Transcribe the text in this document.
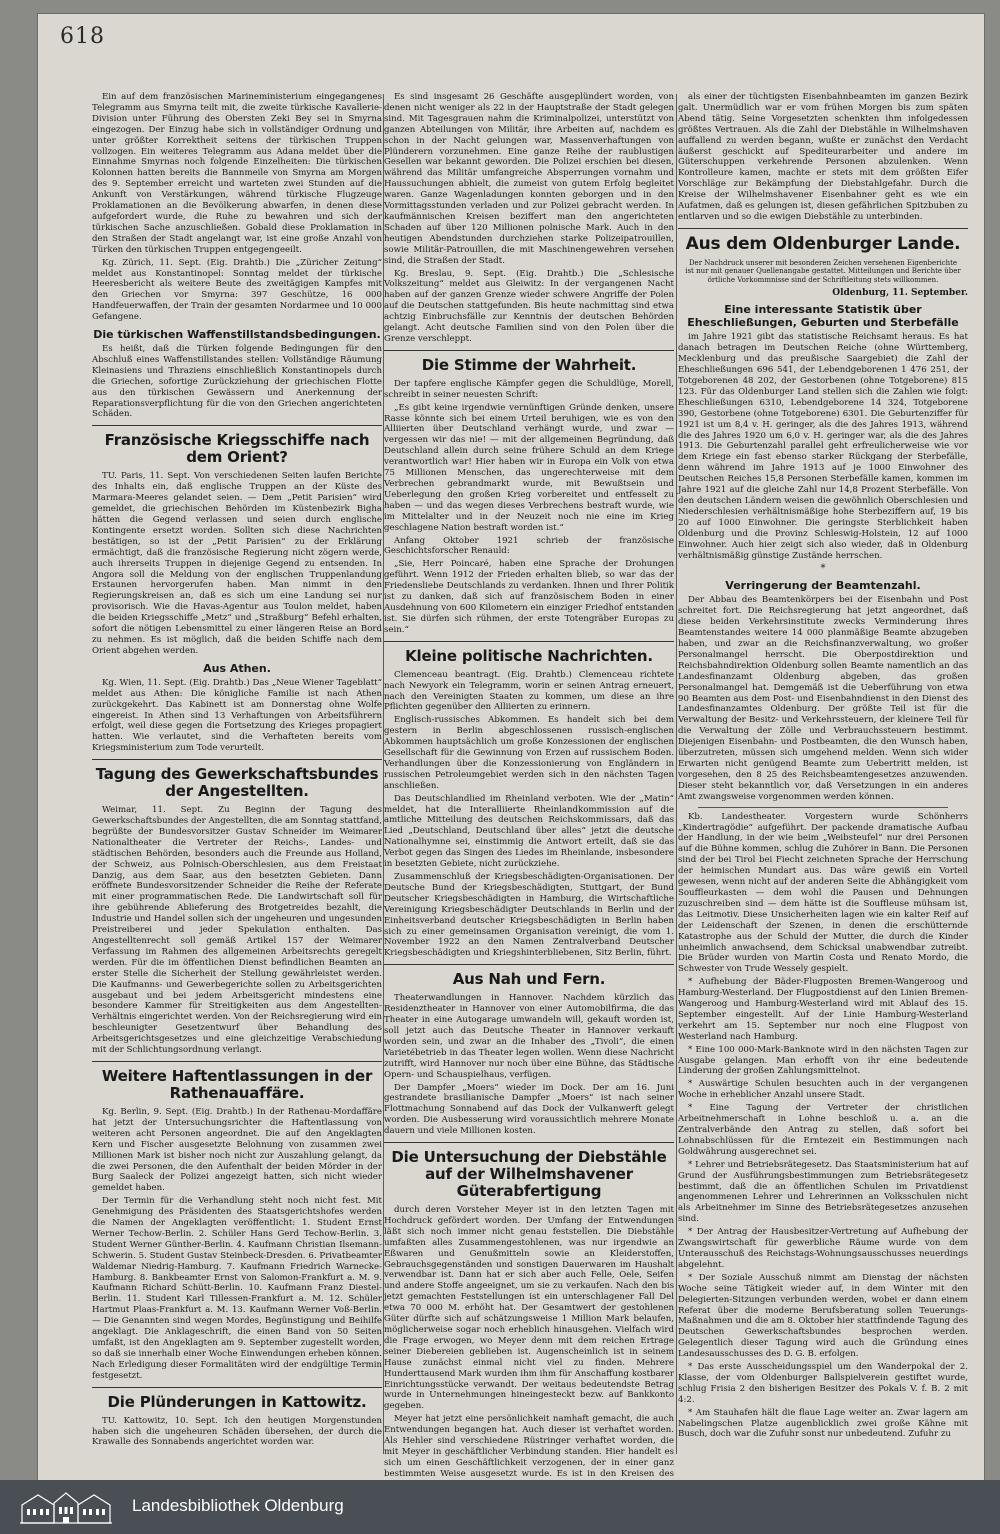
618

Ein auf dem französischen Marineministerium eingegangenes Telegramm aus Smyrna teilt mit, die zweite türkische Kavallerie-Division unter Führung des Obersten Zeki Bey sei in Smyrna eingezogen. Der Einzug habe sich in vollständiger Ordnung und unter größter Korrektheit seitens der türkischen Truppen vollzogen. Ein weiteres Telegramm aus Adana meldet über die Einnahme Smyrnas noch folgende Einzelheiten: Die türkischen Kolonnen hatten bereits die Bannmeile von Smyrna am Morgen des 9. September erreicht und warteten zwei Stunden auf die Ankunft von Verstärkungen, während türkische Flugzeuge Proklamationen an die Bevölkerung abwarfen, in denen diese aufgefordert wurde, die Ruhe zu bewahren und sich der türkischen Sache anzuschließen. Gobald diese Proklamation in den Straßen der Stadt angelangt war, ist eine große Anzahl von Türken den türkischen Truppen entgegengeeilt.

Kg. Zürich, 11. Sept. (Eig. Drahtb.) Die „Züricher Zeitung“ meldet aus Konstantinopel: Sonntag meldet der türkische Heeresbericht als weitere Beute des zweitägigen Kampfes mit den Griechen vor Smyrna: 397 Geschütze, 16 000 Handfeuerwaffen, der Train der gesamten Nordarmee und 10 000 Gefangene.

Die türkischen Waffenstillstandsbedingungen.

Es heißt, daß die Türken folgende Bedingungen für den Abschluß eines Waffenstillstandes stellen: Vollständige Räumung Kleinasiens und Thraziens einschließlich Konstantinopels durch die Griechen, sofortige Zurückziehung der griechischen Flotte aus den türkischen Gewässern und Anerkennung der Reparationsverpflichtung für die von den Griechen angerichteten Schäden.

Französische Kriegsschiffe nach dem Orient?

TU. Paris, 11. Sept. Von verschiedenen Seiten laufen Berichte des Inhalts ein, daß englische Truppen an der Küste des Marmara-Meeres gelandet seien. — Dem „Petit Parisien“ wird gemeldet, die griechischen Behörden im Küstenbezirk Bigha hätten die Gegend verlassen und seien durch englische Kontingente ersetzt worden. Sollten sich diese Nachrichten bestätigen, so ist der „Petit Parisien“ zu der Erklärung ermächtigt, daß die französische Regierung nicht zögern werde, auch ihrerseits Truppen in diejenige Gegend zu entsenden. In Angora soll die Meldung von der englischen Truppenlandung Erstaunen hervorgerufen haben. Man nimmt in den Regierungskreisen an, daß es sich um eine Landung sei nur provisorisch. Wie die Havas-Agentur aus Toulon meldet, haben die beiden Kriegsschiffe „Metz“ und „Straßburg“ Befehl erhalten, sofort die nötigen Lebensmittel zu einer längeren Reise an Bord zu nehmen. Es ist möglich, daß die beiden Schiffe nach dem Orient abgehen werden.

Aus Athen.

Kg. Wien, 11. Sept. (Eig. Drahtb.) Das „Neue Wiener Tageblatt“ meldet aus Athen: Die königliche Familie ist nach Athen zurückgekehrt. Das Kabinett ist am Donnerstag ohne Wolfe eingereist. In Athen sind 13 Verhaftungen von Arbeitsführern erfolgt, weil diese gegen die Fortsetzung des Krieges propagiert hatten. Wie verlautet, sind die Verhafteten bereits vom Kriegsministerium zum Tode verurteilt.

Tagung des Gewerkschaftsbundes der Angestellten.

Weimar, 11. Sept. Zu Beginn der Tagung des Gewerkschaftsbundes der Angestellten, die am Sonntag stattfand, begrüßte der Bundesvorsitzer Gustav Schneider im Weimarer Nationaltheater die Vertreter der Reichs-, Landes- und städtischen Behörden, besonders auch die Freunde aus Holland, der Schweiz, aus Polnisch-Oberschlesien, aus dem Freistaat Danzig, aus dem Saar, aus den besetzten Gebieten. Dann eröffnete Bundesvorsitzender Schneider die Reihe der Referate mit einer programmatischen Rede. Die Landwirtschaft soll für ihre gebührende Ablieferung des Brotgetreides bezahlt, die Industrie und Handel sollen sich der ungeheuren und ungesunden Preistreiberei und jeder Spekulation enthalten. Das Angestelltenrecht soll gemäß Artikel 157 der Weimarer Verfassung im Rahmen des allgemeinen Arbeitsrechts geregelt werden. Für die im öffentlichen Dienst befindlichen Beamten an erster Stelle die Sicherheit der Stellung gewährleistet werden. Die Kaufmanns- und Gewerbegerichte sollen zu Arbeitsgerichten ausgebaut und bei jedem Arbeitsgericht mindestens eine besondere Kammer für Streitigkeiten aus dem Angestellten-Verhältnis eingerichtet werden. Von der Reichsregierung wird ein beschleunigter Gesetzentwurf über Behandlung des Arbeitsgerichtsgesetzes und eine gleichzeitige Verabschiedung mit der Schlichtungsordnung verlangt.

Weitere Haftentlassungen in der Rathenauaffäre.

Kg. Berlin, 9. Sept. (Eig. Drahtb.) In der Rathenau-Mordaffäre hat jetzt der Untersuchungsrichter die Haftentlassung von weiteren acht Personen angeordnet. Die auf den Angeklagten Kern und Fischer ausgesetzte Belohnung von zusammen zwei Millionen Mark ist bisher noch nicht zur Auszahlung gelangt, da die zwei Personen, die den Aufenthalt der beiden Mörder in der Burg Saaleck der Polizei angezeigt hatten, sich nicht wieder gemeldet haben.

Der Termin für die Verhandlung steht noch nicht fest. Mit Genehmigung des Präsidenten des Staatsgerichtshofes werden die Namen der Angeklagten veröffentlicht: 1. Student Ernst Werner Techow-Berlin. 2. Schüler Hans Gerd Techow-Berlin. 3. Student Werner Günther-Berlin. 4. Kaufmann Christian Ilsemann-Schwerin. 5. Student Gustav Steinbeck-Dresden. 6. Privatbeamter Waldemar Niedrig-Hamburg. 7. Kaufmann Friedrich Warnecke-Hamburg. 8. Bankbeamter Ernst von Salomon-Frankfurt a. M. 9. Kaufmann Richard Schütt-Berlin. 10. Kaufmann Franz Diestel-Berlin. 11. Student Karl Tillessen-Frankfurt a. M. 12. Schüler Hartmut Plaas-Frankfurt a. M. 13. Kaufmann Werner Voß-Berlin. — Die Genannten sind wegen Mordes, Begünstigung und Beihilfe angeklagt. Die Anklageschrift, die einen Band von 50 Seiten umfaßt, ist den Angeklagten am 9. September zugestellt worden, so daß sie innerhalb einer Woche Einwendungen erheben können. Nach Erledigung dieser Formalitäten wird der endgültige Termin festgesetzt.

Die Plünderungen in Kattowitz.

TU. Kattowitz, 10. Sept. Ich den heutigen Morgenstunden haben sich die ungeheuren Schäden übersehen, der durch die Krawalle des Sonnabends angerichtet worden war.

Es sind insgesamt 26 Geschäfte ausgeplündert worden, von denen nicht weniger als 22 in der Hauptstraße der Stadt gelegen sind. Mit Tagesgrauen nahm die Kriminalpolizei, unterstützt von ganzen Abteilungen von Militär, ihre Arbeiten auf, nachdem es schon in der Nacht gelungen war, Massenverhaftungen von Plünderern vorzunehmen. Eine ganze Reihe der raublustigen Gesellen war bekannt geworden. Die Polizei erschien bei diesen, während das Militär umfangreiche Absperrungen vornahm und Haussuchungen abhielt, die zumeist von gutem Erfolg begleitet waren. Ganze Wagenladungen konnten geborgen und in den Vormittagsstunden verladen und zur Polizei gebracht werden. In kaufmännischen Kreisen beziffert man den angerichteten Schaden auf über 120 Millionen polnische Mark. Auch in den heutigen Abendstunden durchziehen starke Polizeipatrouillen, sowie Militär-Patrouillen, die mit Maschinengewehren versehen sind, die Straßen der Stadt.

Kg. Breslau, 9. Sept. (Eig. Drahtb.) Die „Schlesische Volkszeitung“ meldet aus Gleiwitz: In der vergangenen Nacht haben auf der ganzen Grenze wieder schwere Angriffe der Polen auf die Deutschen stattgefunden. Bis heute nachmittag sind etwa achtzig Einbruchsfälle zur Kenntnis der deutschen Behörden gelangt. Acht deutsche Familien sind von den Polen über die Grenze verschleppt.

Die Stimme der Wahrheit.

Der tapfere englische Kämpfer gegen die Schuldlüge, Morell, schreibt in seiner neuesten Schrift:

„Es gibt keine irgendwie vernünftigen Gründe denken, unsere Rasse könnte sich bei einem Urteil beruhigen, wie es von den Alliierten über Deutschland verhängt wurde, und zwar — vergessen wir das nie! — mit der allgemeinen Begründung, daß Deutschland allein durch seine frühere Schuld an dem Kriege verantwortlich war! Hier haben wir in Europa ein Volk von etwa 75 Millionen Menschen, das ungerechterweise mit dem Verbrechen gebrandmarkt wurde, mit Bewußtsein und Ueberlegung den großen Krieg vorbereitet und entfesselt zu haben — und das wegen dieses Verbrechens bestraft wurde, wie im Mittelalter und in der Neuzeit noch nie eine im Krieg geschlagene Nation bestraft worden ist.“

Anfang Oktober 1921 schrieb der französische Geschichtsforscher Renauld:

„Sie, Herr Poincaré, haben eine Sprache der Drohungen geführt. Wenn 1912 der Frieden erhalten blieb, so war das der Friedensliebe Deutschlands zu verdanken. Ihnen und Ihrer Politik ist zu danken, daß sich auf französischem Boden in einer Ausdehnung von 600 Kilometern ein einziger Friedhof entstanden ist. Sie dürfen sich rühmen, der erste Totengräber Europas zu sein.“

Kleine politische Nachrichten.

Clemenceau beantragt. (Eig. Drahtb.) Clemenceau richtete nach Newyork ein Telegramm, worin er seinen Antrag erneuert, nach den Vereinigten Staaten zu kommen, um diese an ihre Pflichten gegenüber den Alliierten zu erinnern.

Englisch-russisches Abkommen. Es handelt sich bei dem gestern in Berlin abgeschlossenen russisch-englischen Abkommen hauptsächlich um große Konzessionen der englischen Gesellschaft für die Gewinnung von Erzen auf russischem Boden. Verhandlungen über die Konzessionierung von Engländern in russischen Petroleumgebiet werden sich in den nächsten Tagen anschließen.

Das Deutschlandlied im Rheinland verboten. Wie der „Matin“ meldet, hat die Interalliierte Rheinlandkommission auf die amtliche Mitteilung des deutschen Reichskommissars, daß das Lied „Deutschland, Deutschland über alles“ jetzt die deutsche Nationalhymne sei, einstimmig die Antwort erteilt, daß sie das Verbot gegen das Singen des Liedes im Rheinlande, insbesondere in besetzten Gebiete, nicht zurückziehe.

Zusammenschluß der Kriegsbeschädigten-Organisationen. Der Deutsche Bund der Kriegsbeschädigten, Stuttgart, der Bund Deutscher Kriegsbeschädigten in Hamburg, die Wirtschaftliche Vereinigung Kriegsbeschädigter Deutschlands in Berlin und der Einheitsverband deutscher Kriegsbeschädigten in Berlin haben sich zu einer gemeinsamen Organisation vereinigt, die vom 1. November 1922 an den Namen Zentralverband Deutscher Kriegsbeschädigten und Kriegshinterbliebenen, Sitz Berlin, führt.

Aus Nah und Fern.

Theaterwandlungen in Hannover. Nachdem kürzlich das Residenztheater in Hannover von einer Automobilfirma, die das Theater in eine Autogarage umwandeln will, gekauft worden ist, soll jetzt auch das Deutsche Theater in Hannover verkauft worden sein, und zwar an die Inhaber des „Tivoli“, die einen Varietébetrieb in das Theater legen wollen. Wenn diese Nachricht zutrifft, wird Hannover nur noch über eine Bühne, das Städtische Opern- und Schauspielhaus, verfügen.

Der Dampfer „Moers“ wieder im Dock. Der am 16. Juni gestrandete brasilianische Dampfer „Moers“ ist nach seiner Flottmachung Sonnabend auf das Dock der Vulkanwerft gelegt worden. Die Ausbesserung wird voraussichtlich mehrere Monate dauern und viele Millionen kosten.

Die Untersuchung der Diebstähle auf der Wilhelmshavener Güterabfertigung

durch deren Vorsteher Meyer ist in den letzten Tagen mit Hochdruck gefördert worden. Der Umfang der Entwendungen läßt sich noch immer nicht genau feststellen. Die Diebstähle umfaßten alles Zusammengestohlenen, was nur irgendwie an Eßwaren und Genußmitteln sowie an Kleiderstoffen, Gebrauchsgegenständen und sonstigen Dauerwaren im Haushalt verwendbar ist. Dann hat er sich aber auch Felle, Oele, Seifen und andere Stoffe angeeignet, um sie zu verkaufen. Nach den bis jetzt gemachten Feststellungen ist ein unterschlagener Fall Del etwa 70 000 M. erhöht hat. Der Gesamtwert der gestohlenen Güter dürfte sich auf schätzungsweise 1 Million Mark belaufen, möglicherweise sogar noch erheblich hinausgehen. Vielfach wird die Frage erwogen, wo Meyer denn mit dem reichen Ertrage seiner Diebereien geblieben ist. Augenscheinlich ist in seinem Hause zunächst einmal nicht viel zu finden. Mehrere Hunderttausend Mark wurden ihm ihm für Anschaffung kostbarer Einrichtungsstücke verwandt. Der weitaus bedeutendste Betrag wurde in Unternehmungen hineingesteckt bezw. auf Bankkonto gegeben.

Meyer hat jetzt eine persönlichkeit namhaft gemacht, die auch Entwendungen begangen hat. Auch dieser ist verhaftet worden. Als Hehler sind verschiedene Rüstringer verhaftet worden, die mit Meyer in geschäftlicher Verbindung standen. Hier handelt es sich um einen Geschäftlichkeit verzogenen, der in einer ganz bestimmten Weise ausgesetzt wurde. Es ist in den Kreisen des

als einer der tüchtigsten Eisenbahnbeamten im ganzen Bezirk galt. Unermüdlich war er vom frühen Morgen bis zum späten Abend tätig. Seine Vorgesetzten schenkten ihm infolgedessen größtes Vertrauen. Als die Zahl der Diebstähle in Wilhelmshaven auffallend zu werden begann, wußte er zunächst den Verdacht äußerst geschickt auf Spediteurarbeiter und andere im Güterschuppen verkehrende Personen abzulenken. Wenn Kontrolleure kamen, machte er stets mit dem größten Eifer Vorschläge zur Bekämpfung der Diebstahlgefahr. Durch die Kreise der Wilhelmshavener Eisenbahner geht es wie ein Aufatmen, daß es gelungen ist, diesen gefährlichen Spitzbuben zu entlarven und so die ewigen Diebstähle zu unterbinden.

Aus dem Oldenburger Lande.
Der Nachdruck unserer mit besonderen Zeichen versehenen Eigenberichte ist nur mit genauer Quellenangabe gestattet. Mitteilungen und Berichte über örtliche Vorkommnisse sind der Schriftleitung stets willkommen.
Oldenburg, 11. September.
Eine interessante Statistik über Eheschließungen, Geburten und Sterbefälle

im Jahre 1921 gibt das statistische Reichsamt heraus. Es hat danach betragen im Deutschen Reiche (ohne Württemberg, Mecklenburg und das preußische Saargebiet) die Zahl der Eheschließungen 696 541, der Lebendgeborenen 1 476 251, der Totgeborenen 48 202, der Gestorbenen (ohne Totgeborene) 815 123. Für das Oldenburger Land stellen sich die Zahlen wie folgt: Eheschließungen 6310, Lebendgeborene 14 324, Totgeborene 390, Gestorbene (ohne Totgeborene) 6301. Die Geburtenziffer für 1921 ist um 8,4 v. H. geringer, als die des Jahres 1913, während die des Jahres 1920 um 6,0 v. H. geringer war, als die des Jahres 1913. Die Geburtenzahl parallel geht erfreulicherweise wie vor dem Kriege ein fast ebenso starker Rückgang der Sterbefälle, denn während im Jahre 1913 auf je 1000 Einwohner des Deutschen Reiches 15,8 Personen Sterbefälle kamen, kommen im Jahre 1921 auf die gleiche Zahl nur 14,8 Prozent Sterbefälle. Von den deutschen Ländern weisen die gewöhnlich Oberschlesien und Niederschlesien verhältnismäßige hohe Sterbeziffern auf, 19 bis 20 auf 1000 Einwohner. Die geringste Sterblichkeit haben Oldenburg und die Provinz Schleswig-Holstein, 12 auf 1000 Einwohner. Auch hier zeigt sich also wieder, daß in Oldenburg verhältnismäßig günstige Zustände herrschen.

*
Verringerung der Beamtenzahl.

Der Abbau des Beamtenkörpers bei der Eisenbahn und Post schreitet fort. Die Reichsregierung hat jetzt angeordnet, daß diese beiden Verkehrsinstitute zwecks Verminderung ihres Beamtenstandes weitere 14 000 planmäßige Beamte abzugeben haben, und zwar an die Reichsfinanzverwaltung, wo großer Personalmangel herrscht. Die Oberpostdirektion und Reichsbahndirektion Oldenburg sollen Beamte namentlich an das Landesfinanzamt Oldenburg abgeben, das großen Personalmangel hat. Demgemäß ist die Ueberführung von etwa 90 Beamten aus dem Post- und Eisenbahndienst in den Dienst des Landesfinanzamtes Oldenburg. Der größte Teil ist für die Verwaltung der Besitz- und Verkehrssteuern, der kleinere Teil für die Verwaltung der Zölle und Verbrauchssteuern bestimmt. Diejenigen Eisenbahn- und Postbeamten, die den Wunsch haben, überzutreten, müssen sich umgehend melden. Wenn sich wider Erwarten nicht genügend Beamte zum Uebertritt melden, ist vorgesehen, den 8 25 des Reichsbeamtengesetzes anzuwenden. Dieser steht bekanntlich vor, daß Versetzungen in ein anderes Amt zwangsweise vorgenommen werden können.

Kb. Landestheater. Vorgestern wurde Schönherrs „Kindertragödie“ aufgeführt. Der packende dramatische Aufbau der Handlung, in der wie beim „Weibsteufel“ nur drei Personen auf die Bühne kommen, schlug die Zuhörer in Bann. Die Personen sind der bei Tirol bei Fiecht zeichneten Sprache der Herrschung der heimischen Mundart aus. Das wäre gewiß ein Vorteil gewesen, wenn nicht auf der anderen Seite die Abhängigkeit vom Souffleurkasten — dem wohl die Pausen und Dehnungen zuzuschreiben sind — dem hätte ist die Souffleuse mühsam ist, das Leitmotiv. Diese Unsicherheiten lagen wie ein kalter Reif auf der Leidenschaft der Szenen, in denen die erschütternde Katastrophe aus der Schuld der Mutter, die durch die Kinder unheimlich anwachsend, dem Schicksal unabwendbar zutreibt. Die Brüder wurden von Martin Costa und Renato Mordo, die Schwester von Trude Wessely gespielt.

* Aufhebung der Bäder-Flugposten Bremen-Wangeroog und Hamburg-Westerland. Der Flugpostdienst auf den Linien Bremen-Wangeroog und Hamburg-Westerland wird mit Ablauf des 15. September eingestellt. Auf der Linie Hamburg-Westerland verkehrt am 15. September nur noch eine Flugpost von Westerland nach Hamburg.

* Eine 100 000-Mark-Banknote wird in den nächsten Tagen zur Ausgabe gelangen. Man erhofft von ihr eine bedeutende Linderung der großen Zahlungsmittelnot.

* Auswärtige Schulen besuchten auch in der vergangenen Woche in erheblicher Anzahl unsere Stadt.

* Eine Tagung der Vertreter der christlichen Arbeitnehmerschaft in Lohne beschloß u. a. an die Zentralverbände den Antrag zu stellen, daß sofort bei Lohnabschlüssen für die Erntezeit ein Bestimmungen nach Goldwährung ausgerechnet sei.

* Lehrer und Betriebsrätegesetz. Das Staatsministerium hat auf Grund der Ausführungsbestimmungen zum Betriebsrätegesetz bestimmt, daß die an öffentlichen Schulen im Privatdienst angenommenen Lehrer und Lehrerinnen an Volksschulen nicht als Arbeitnehmer im Sinne des Betriebsrätegesetzes anzusehen sind.

* Der Antrag der Hausbesitzer-Vertretung auf Aufhebung der Zwangswirtschaft für gewerbliche Räume wurde von dem Unterausschuß des Reichstags-Wohnungsausschusses neuerdings abgelehnt.

* Der Soziale Ausschuß nimmt am Dienstag der nächsten Woche seine Tätigkeit wieder auf, in dem Winter mit den Delegierten-Sitzungen verbunden werden, wobei er dann einem Referat über die moderne Berufsberatung sollen Teuerungs-Maßnahmen und die am 8. Oktober hier stattfindende Tagung des Deutschen Gewerkschaftsbundes besprochen werden. Gelegentlich dieser Tagung wird auch die Gründung eines Landesausschusses des D. G. B. erfolgen.

* Das erste Ausscheidungsspiel um den Wanderpokal der 2. Klasse, der vom Oldenburger Ballspielverein gestiftet wurde, schlug Frisia 2 den bisherigen Besitzer des Pokals V. f. B. 2 mit 4:2.

* Am Stauhafen hält die flaue Lage weiter an. Zwar lagern am Nabelingschen Platze augenblicklich zwei große Kähne mit Busch, doch war die Zufuhr sonst nur unbedeutend. Zufuhr zu

Landesbibliothek Oldenburg
